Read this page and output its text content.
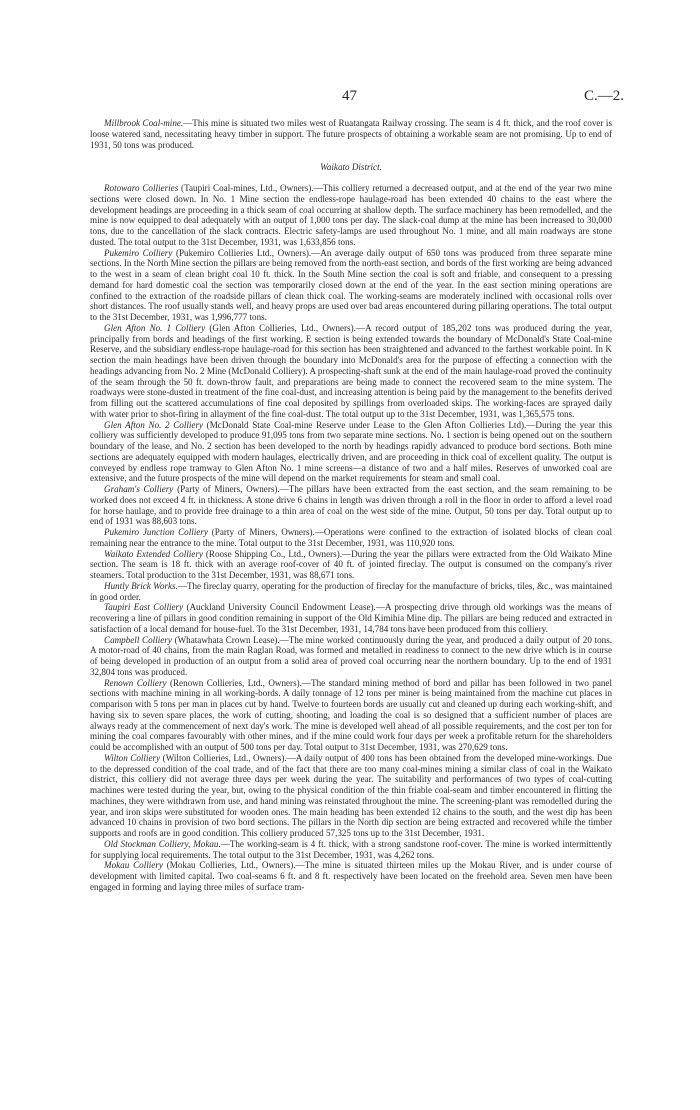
47	C.—2.

Millbrook Coal-mine.—This mine is situated two miles west of Ruatangata Railway crossing. The seam is 4 ft. thick, and the roof cover is loose watered sand, necessitating heavy timber in support. The future prospects of obtaining a workable seam are not promising. Up to end of 1931, 50 tons was produced.

Waikato District.

Rotowaro Collieries (Taupiri Coal-mines, Ltd., Owners).—This colliery returned a decreased output, and at the end of the year two mine sections were closed down. In No. 1 Mine section the endless-rope haulage-road has been extended 40 chains to the east where the development headings are proceeding in a thick seam of coal occurring at shallow depth. The surface machinery has been remodelled, and the mine is now equipped to deal adequately with an output of 1,000 tons per day. The slack-coal dump at the mine has been increased to 30,000 tons, due to the cancellation of the slack contracts. Electric safety-lamps are used throughout No. 1 mine, and all main roadways are stone dusted. The total output to the 31st December, 1931, was 1,633,856 tons.

Pukemiro Colliery (Pukemiro Collieries Ltd., Owners).—An average daily output of 650 tons was produced from three separate mine sections. In the North Mine section the pillars are being removed from the north-east section, and bords of the first working are being advanced to the west in a seam of clean bright coal 10 ft. thick. In the South Mine section the coal is soft and friable, and consequent to a pressing demand for hard domestic coal the section was temporarily closed down at the end of the year. In the east section mining operations are confined to the extraction of the roadside pillars of clean thick coal. The working-seams are moderately inclined with occasional rolls over short distances. The roof usually stands well, and heavy props are used over bad areas encountered during pillaring operations. The total output to the 31st December, 1931, was 1,996,777 tons.

Glen Afton No. 1 Colliery (Glen Afton Collieries, Ltd., Owners).—A record output of 185,202 tons was produced during the year, principally from bords and headings of the first working. E section is being extended towards the boundary of McDonald's State Coal-mine Reserve, and the subsidiary endless-rope haulage-road for this section has been straightened and advanced to the farthest workable point. In K section the main headings have been driven through the boundary into McDonald's area for the purpose of effecting a connection with the headings advancing from No. 2 Mine (McDonald Colliery). A prospecting-shaft sunk at the end of the main haulage-road proved the continuity of the seam through the 50 ft. down-throw fault, and preparations are being made to connect the recovered seam to the mine system. The roadways were stone-dusted in treatment of the fine coal-dust, and increasing attention is being paid by the management to the benefits derived from filling out the scattered accumulations of fine coal deposited by spillings from overloaded skips. The working-faces are sprayed daily with water prior to shot-firing in allayment of the fine coal-dust. The total output up to the 31st December, 1931, was 1,365,575 tons.

Glen Afton No. 2 Colliery (McDonald State Coal-mine Reserve under Lease to the Glen Afton Collieries Ltd).—During the year this colliery was sufficiently developed to produce 91,095 tons from two separate mine sections. No. 1 section is being opened out on the southern boundary of the lease, and No. 2 section has been developed to the north by headings rapidly advanced to produce bord sections. Both mine sections are adequately equipped with modern haulages, electrically driven, and are proceeding in thick coal of excellent quality. The output is conveyed by endless rope tramway to Glen Afton No. 1 mine screens—a distance of two and a half miles. Reserves of unworked coal are extensive, and the future prospects of the mine will depend on the market requirements for steam and small coal.

Graham's Colliery (Party of Miners, Owners).—The pillars have been extracted from the east section, and the seam remaining to be worked does not exceed 4 ft. in thickness. A stone drive 6 chains in length was driven through a roll in the floor in order to afford a level road for horse haulage, and to provide free drainage to a thin area of coal on the west side of the mine. Output, 50 tons per day. Total output up to end of 1931 was 88,603 tons.

Pukemiro Junction Colliery (Party of Miners, Owners).—Operations were confined to the extraction of isolated blocks of clean coal remaining near the entrance to the mine. Total output to the 31st December, 1931, was 110,920 tons.

Waikato Extended Colliery (Roose Shipping Co., Ltd., Owners).—During the year the pillars were extracted from the Old Waikato Mine section. The seam is 18 ft. thick with an average roof-cover of 40 ft. of jointed fireclay. The output is consumed on the company's river steamers. Total production to the 31st December, 1931, was 88,671 tons.

Huntly Brick Works.—The fireclay quarry, operating for the production of fireclay for the manufacture of bricks, tiles, &c., was maintained in good order.

Taupiri East Colliery (Auckland University Council Endowment Lease).—A prospecting drive through old workings was the means of recovering a line of pillars in good condition remaining in support of the Old Kimihia Mine dip. The pillars are being reduced and extracted in satisfaction of a local demand for house-fuel. To the 31st December, 1931, 14,784 tons have been produced from this colliery.

Campbell Colliery (Whatawhata Crown Lease).—The mine worked continuously during the year, and produced a daily output of 20 tons. A motor-road of 40 chains, from the main Raglan Road, was formed and metalled in readiness to connect to the new drive which is in course of being developed in production of an output from a solid area of proved coal occurring near the northern boundary. Up to the end of 1931 32,804 tons was produced.

Renown Colliery (Renown Collieries, Ltd., Owners).—The standard mining method of bord and pillar has been followed in two panel sections with machine mining in all working-bords. A daily tonnage of 12 tons per miner is being maintained from the machine cut places in comparison with 5 tons per man in places cut by hand. Twelve to fourteen bords are usually cut and cleaned up during each working-shift, and having six to seven spare places, the work of cutting, shooting, and loading the coal is so designed that a sufficient number of places are always ready at the commencement of next day's work. The mine is developed well ahead of all possible requirements, and the cost per ton for mining the coal compares favourably with other mines, and if the mine could work four days per week a profitable return for the shareholders could be accomplished with an output of 500 tons per day. Total output to 31st December, 1931, was 270,629 tons.

Wilton Colliery (Wilton Collieries, Ltd., Owners).—A daily output of 400 tons has been obtained from the developed mine-workings. Due to the depressed condition of the coal trade, and of the fact that there are too many coal-mines mining a similar class of coal in the Waikato district, this colliery did not average three days per week during the year. The suitability and performances of two types of coal-cutting machines were tested during the year, but, owing to the physical condition of the thin friable coal-seam and timber encountered in flitting the machines, they were withdrawn from use, and hand mining was reinstated throughout the mine. The screening-plant was remodelled during the year, and iron skips were substituted for wooden ones. The main heading has been extended 12 chains to the south, and the west dip has been advanced 10 chains in provision of two bord sections. The pillars in the North dip section are being extracted and recovered while the timber supports and roofs are in good condition. This colliery produced 57,325 tons up to the 31st December, 1931.

Old Stockman Colliery, Mokau.—The working-seam is 4 ft. thick, with a strong sandstone roof-cover. The mine is worked intermittently for supplying local requirements. The total output to the 31st December, 1931, was 4,262 tons.

Mokau Colliery (Mokau Collieries, Ltd., Owners).—The mine is situated thirteen miles up the Mokau River, and is under course of development with limited capital. Two coal-seams 6 ft. and 8 ft. respectively have been located on the freehold area. Seven men have been engaged in forming and laying three miles of surface tram-
